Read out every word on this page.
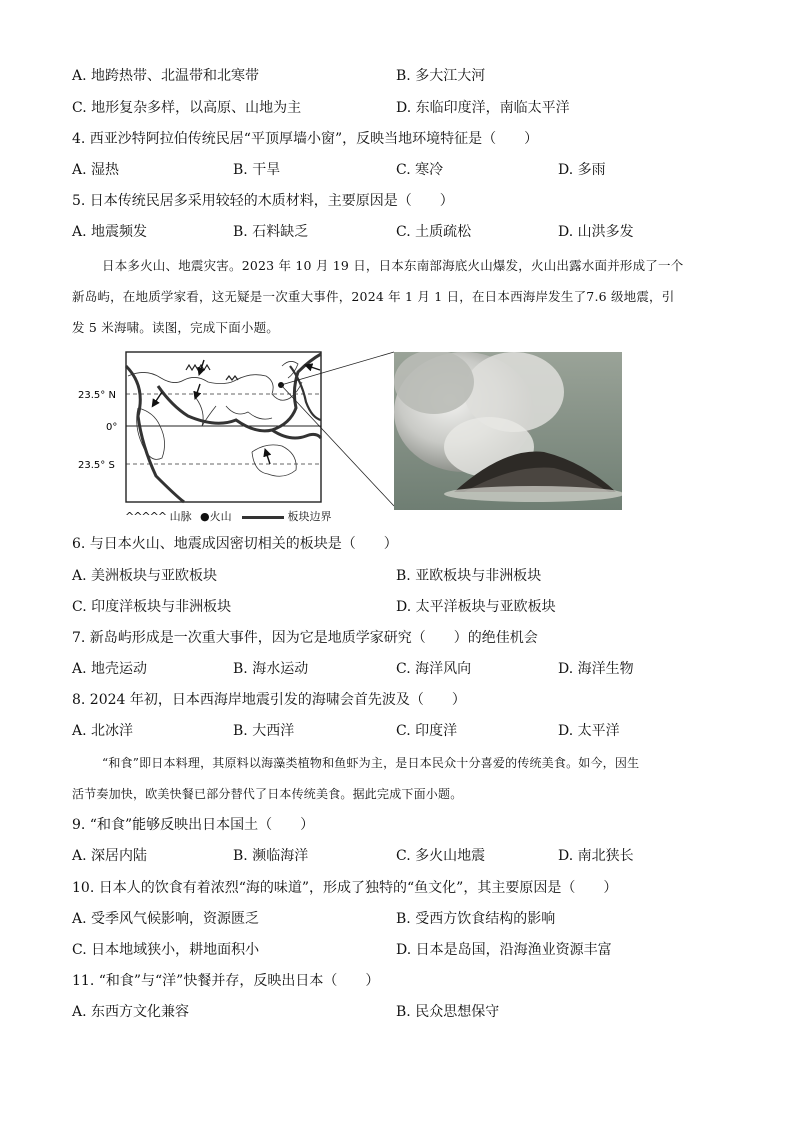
A. 地跨热带、北温带和北寒带	B. 多大江大河
C. 地形复杂多样，以高原、山地为主	D. 东临印度洋，南临太平洋
4. 西亚沙特阿拉伯传统民居“平顶厚墙小窗”，反映当地环境特征是（　　）
A. 湿热	B. 干旱	C. 寒冷	D. 多雨
5. 日本传统民居多采用较轻的木质材料，主要原因是（　　）
A. 地震频发	B. 石料缺乏	C. 土质疏松	D. 山洪多发

日本多火山、地震灾害。2023 年 10 月 19 日，日本东南部海底火山爆发，火山出露水面并形成了一个

新岛屿，在地质学家看，这无疑是一次重大事件，2024 年 1 月 1 日，在日本西海岸发生了7.6 级地震，引

发 5 米海啸。读图，完成下面小题。

23.5° N
0°
23.5° S
^^^^^ 山脉 ●火山	板块边界
6. 与日本火山、地震成因密切相关的板块是（　　）
A. 美洲板块与亚欧板块	B. 亚欧板块与非洲板块
C. 印度洋板块与非洲板块	D. 太平洋板块与亚欧板块
7. 新岛屿形成是一次重大事件，因为它是地质学家研究（　　）的绝佳机会
A. 地壳运动	B. 海水运动	C. 海洋风向	D. 海洋生物
8. 2024 年初，日本西海岸地震引发的海啸会首先波及（　　）
A. 北冰洋	B. 大西洋	C. 印度洋	D. 太平洋

“和食”即日本料理，其原料以海藻类植物和鱼虾为主，是日本民众十分喜爱的传统美食。如今，因生

活节奏加快，欧美快餐已部分替代了日本传统美食。据此完成下面小题。

9. “和食”能够反映出日本国土（　　）
A. 深居内陆	B. 濒临海洋	C. 多火山地震	D. 南北狭长
10. 日本人的饮食有着浓烈“海的味道”，形成了独特的“鱼文化”，其主要原因是（　　）
A. 受季风气候影响，资源匮乏	B. 受西方饮食结构的影响
C. 日本地域狭小，耕地面积小	D. 日本是岛国，沿海渔业资源丰富
11. “和食”与“洋”快餐并存，反映出日本（　　）
A. 东西方文化兼容	B. 民众思想保守
